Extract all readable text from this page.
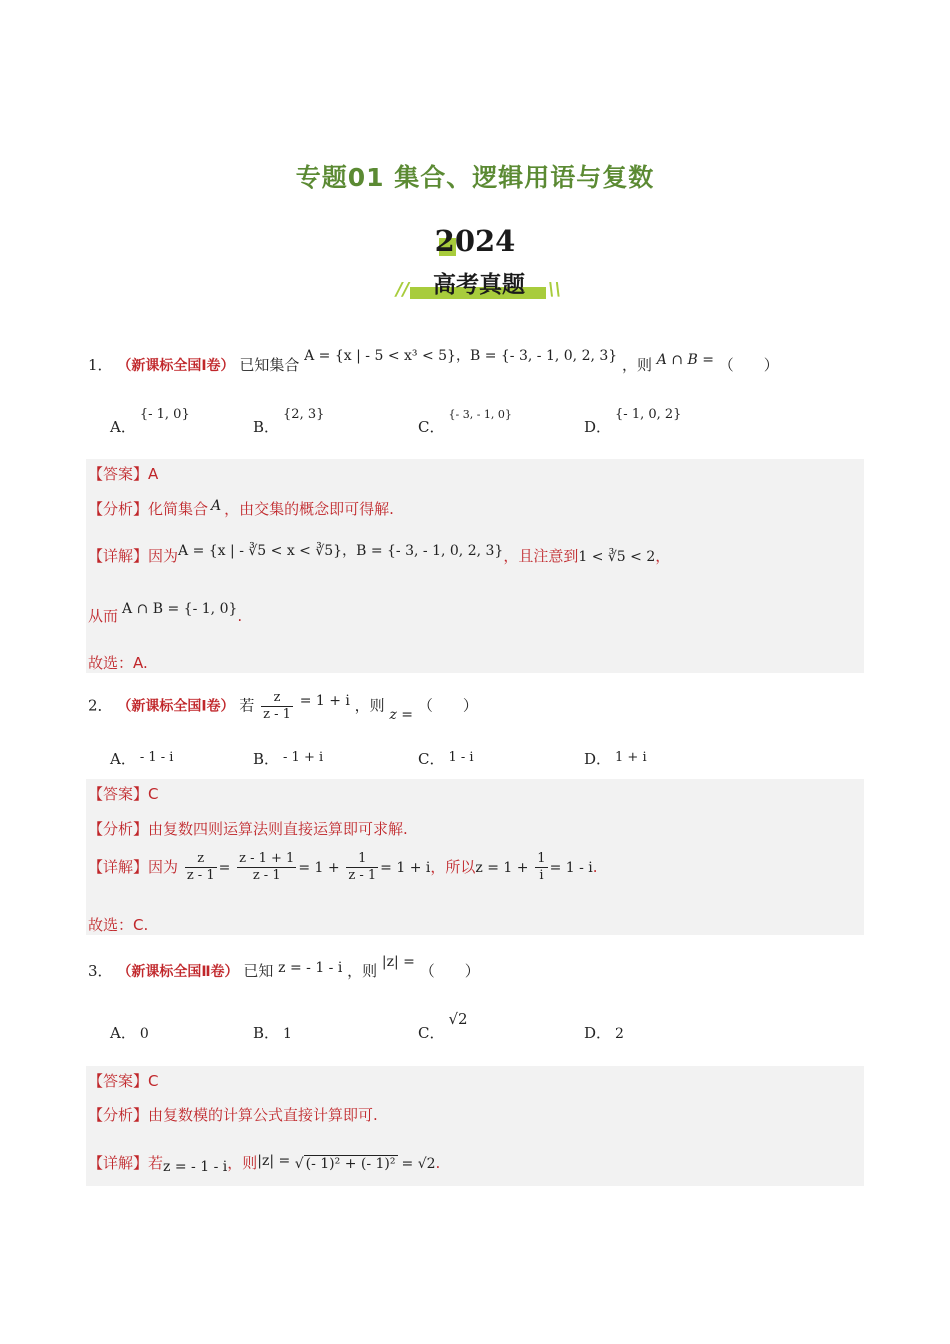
专题01 集合、逻辑用语与复数
2024
//	\\
高考真题
1． （新课标全国Ⅰ卷） 已知集合 A = {x | - 5 < x³ < 5}，B = {- 3, - 1, 0, 2, 3} ，则 A ∩ B = （　　）
A．{- 1, 0}
B．{2, 3}
C．$^{\{- 3, - 1, 0\}}$
D．{- 1, 0, 2}
【答案】A
【分析】化简集合 A ，由交集的概念即可得解.
【详解】因为A = {x | - ∛5 < x < ∛5}，B = {- 3, - 1, 0, 2, 3}，且注意到1 < ∛5 < 2，
从而 A ∩ B = {- 1, 0}.
故选：A.
2． （新课标全国Ⅰ卷） 若 $\frac{z}{z - 1} = 1 + i$ ，则 z = （　　）
A． - 1 - i	B． - 1 + i	C． 1 - i	D． 1 + i
【答案】C
【分析】由复数四则运算法则直接运算即可求解.
【详解】因为 $\frac{z}{z - 1} = \frac{z - 1 + 1}{z - 1} = 1 + \frac{1}{z - 1} = 1 + i$，所以$z = 1 + \frac{1}{i} = 1 - i$.
故选：C.
3． （新课标全国Ⅱ卷） 已知 z = - 1 - i ，则 |z| = （　　）
A． 0	B． 1	C．√2
D． 2
【答案】C
【分析】由复数模的计算公式直接计算即可.
【详解】若z = - 1 - i，则|z| = √ (- 1)² + (- 1)² = √2.
